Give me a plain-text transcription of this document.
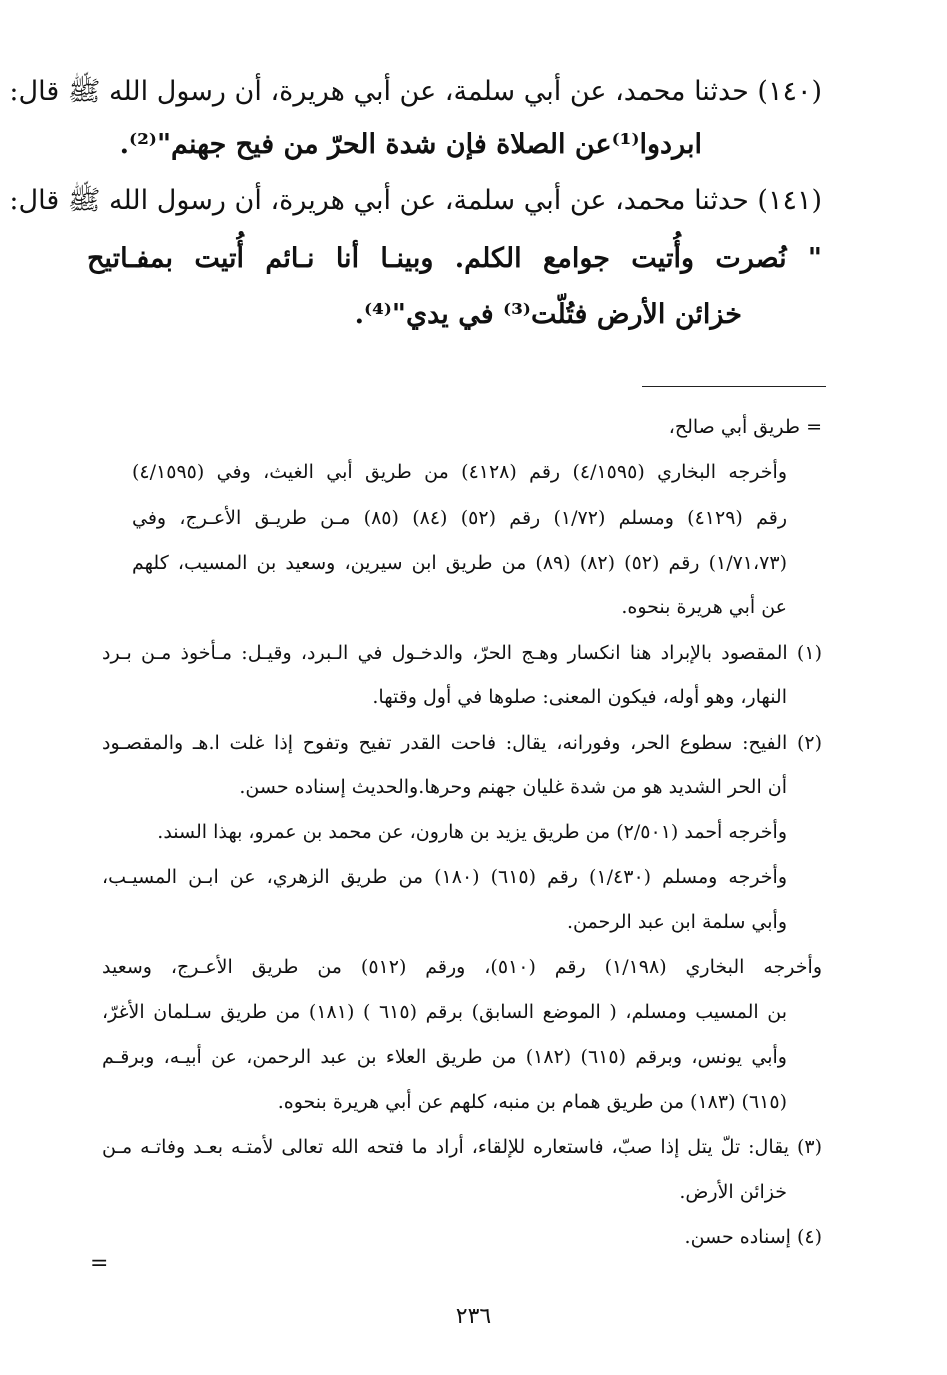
(١٤٠) حدثنا محمد، عن أبي سلمة، عن أبي هريرة، أن رسول الله ﷺ قال:
ابردوا⁽¹⁾عن الصلاة فإن شدة الحرّ من فيح جهنم"⁽²⁾.
(١٤١) حدثنا محمد، عن أبي سلمة، عن أبي هريرة، أن رسول الله ﷺ قال:
" نُصرت وأُتيت جوامع الكلم. وبينـا أنا نـائم أُتيت بمفـاتيح
خزائن الأرض فتُلّت⁽³⁾ في يدي"⁽⁴⁾.
= طريق أبي صالح،
وأخرجه البخاري (٤/١٥٩٥) رقم (٤١٢٨) من طريق أبي الغيث، وفي (٤/١٥٩٥)
رقم (٤١٢٩) ومسلم (١/٧٢) رقم (٥٢) (٨٤) (٨٥) مـن طريـق الأعـرج، وفي
(١/٧١،٧٣) رقم (٥٢) (٨٢) (٨٩) من طريق ابن سيرين، وسعيد بن المسيب، كلهم
عن أبي هريرة بنحوه.
(١) المقصود بالإبراد هنا انكسار وهـج الحرّ، والدخـول في الـبرد، وقيـل: مـأخوذ مـن بـرد
النهار، وهو أوله، فيكون المعنى: صلوها في أول وقتها.
(٢) الفيح: سطوع الحر، وفورانه، يقال: فاحت القدر تفيح وتفوح إذا غلت ا.هـ والمقصـود
أن الحر الشديد هو من شدة غليان جهنم وحرها.والحديث إسناده حسن.
وأخرجه أحمد (٢/٥٠١) من طريق يزيد بن هارون، عن محمد بن عمرو، بهذا السند.
وأخرجه ومسلم (١/٤٣٠) رقم (٦١٥) (١٨٠) من طريق الزهري، عن ابـن المسيـب،
وأبي سلمة ابن عبد الرحمن.
وأخرجه البخاري (١/١٩٨) رقم (٥١٠)، ورقم (٥١٢) من طريق الأعـرج، وسعيد
بن المسيب ومسلم، ( الموضع السابق) برقم (٦١٥ ) (١٨١) من طريق سـلمان الأغرّ،
وأبي يونس، وبرقم (٦١٥) (١٨٢) من طريق العلاء بن عبد الرحمن، عن أبيـه، وبرقـم
(٦١٥) (١٨٣) من طريق همام بن منبه، كلهم عن أبي هريرة بنحوه.
(٣) يقال: تلّ يتل إذا صبّ، فاستعاره للإلقاء، أراد ما فتحه الله تعالى لأمتـه بعـد وفاتـه مـن
خزائن الأرض.
(٤) إسناده حسن.
=
٢٣٦
